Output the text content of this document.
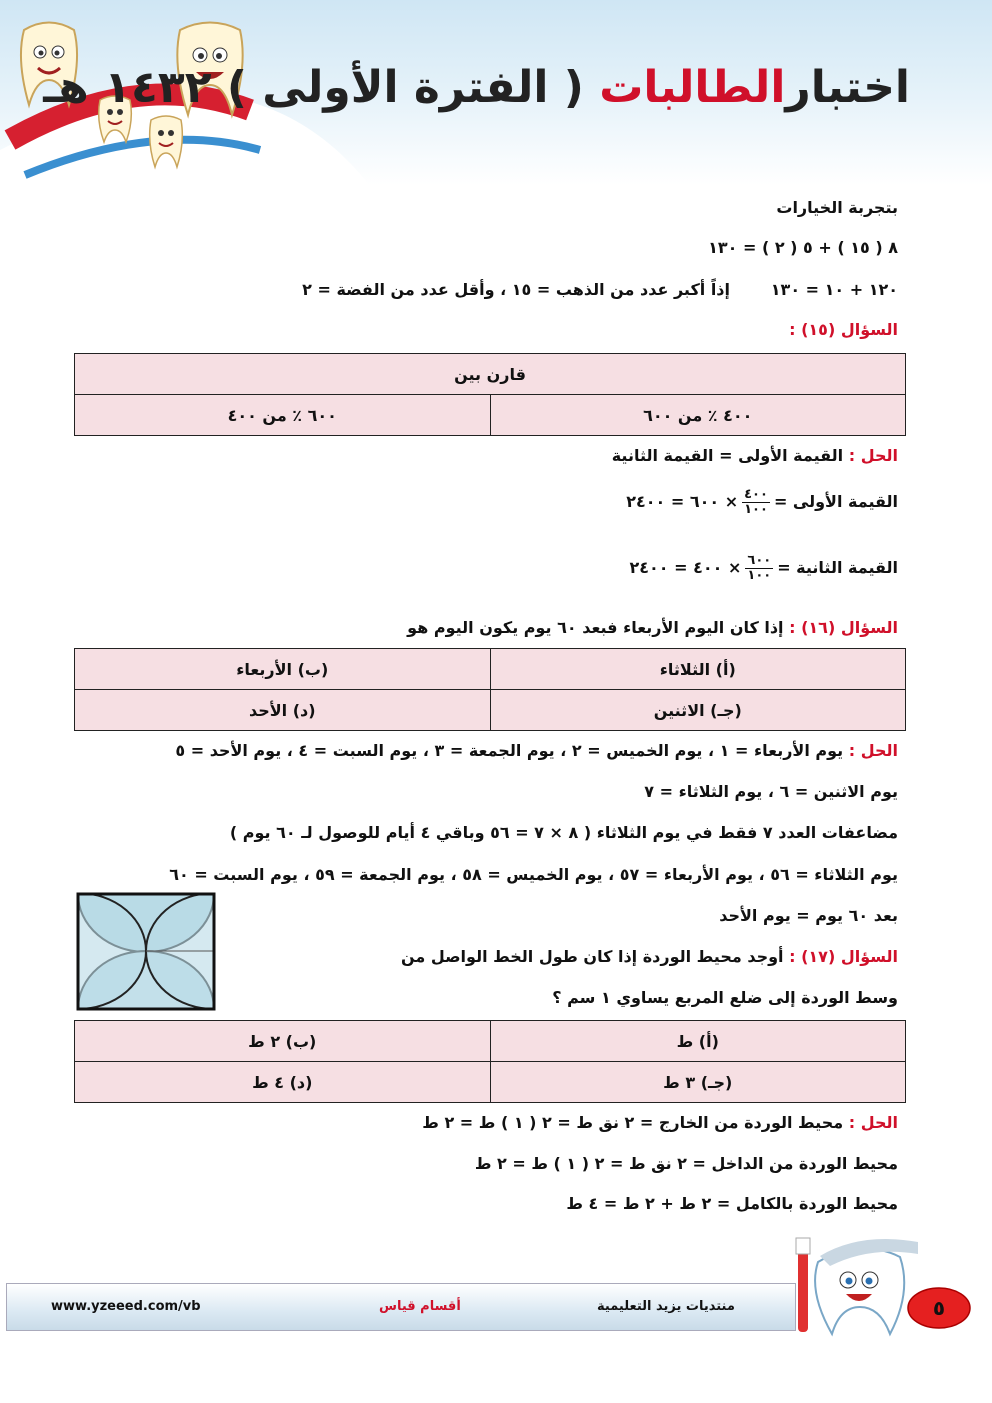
اختبارالطالبات ( الفترة الأولى ) ١٤٣٢ هـ
بتجربة الخيارات
٨ ( ١٥ ) + ٥ ( ٢ ) = ١٣٠
١٢٠ + ١٠ = ١٣٠
إذاً أكبر عدد من الذهب = ١٥ ، وأقل عدد من الفضة = ٢
السؤال (١٥) :
قارن بين
٤٠٠ ٪ من ٦٠٠	٦٠٠ ٪ من ٤٠٠
الحل : القيمة الأولى = القيمة الثانية
القيمة الأولى =
$\frac{٤٠٠}{١٠٠}$
× ٦٠٠ = ٢٤٠٠
القيمة الثانية =
$\frac{٦٠٠}{١٠٠}$
× ٤٠٠ = ٢٤٠٠
السؤال (١٦) : إذا كان اليوم الأربعاء فبعد ٦٠ يوم يكون اليوم هو
(أ) الثلاثاء	(ب) الأربعاء
(جـ) الاثنين	(د) الأحد
الحل : يوم الأربعاء = ١ ، يوم الخميس = ٢ ، يوم الجمعة = ٣ ، يوم السبت = ٤ ، يوم الأحد = ٥
يوم الاثنين = ٦ ، يوم الثلاثاء = ٧
مضاعفات العدد ٧ فقط في يوم الثلاثاء ( ٨ × ٧ = ٥٦ وباقي ٤ أيام للوصول لـ ٦٠ يوم )
يوم الثلاثاء = ٥٦ ، يوم الأربعاء = ٥٧ ، يوم الخميس = ٥٨ ، يوم الجمعة = ٥٩ ، يوم السبت = ٦٠
بعد ٦٠ يوم = يوم الأحد
السؤال (١٧) : أوجد محيط الوردة إذا كان طول الخط الواصل من
وسط الوردة إلى ضلع المربع يساوي ١ سم ؟
(أ) ط	(ب) ٢ ط
(جـ) ٣ ط	(د) ٤ ط
الحل : محيط الوردة من الخارج = ٢ نق ط = ٢ ( ١ ) ط = ٢ ط
محيط الوردة من الداخل = ٢ نق ط = ٢ ( ١ ) ط = ٢ ط
محيط الوردة بالكامل = ٢ ط + ٢ ط = ٤ ط
www.yzeeed.com/vb	أقسام قياس	منتديات يزيد التعليمية	٥
